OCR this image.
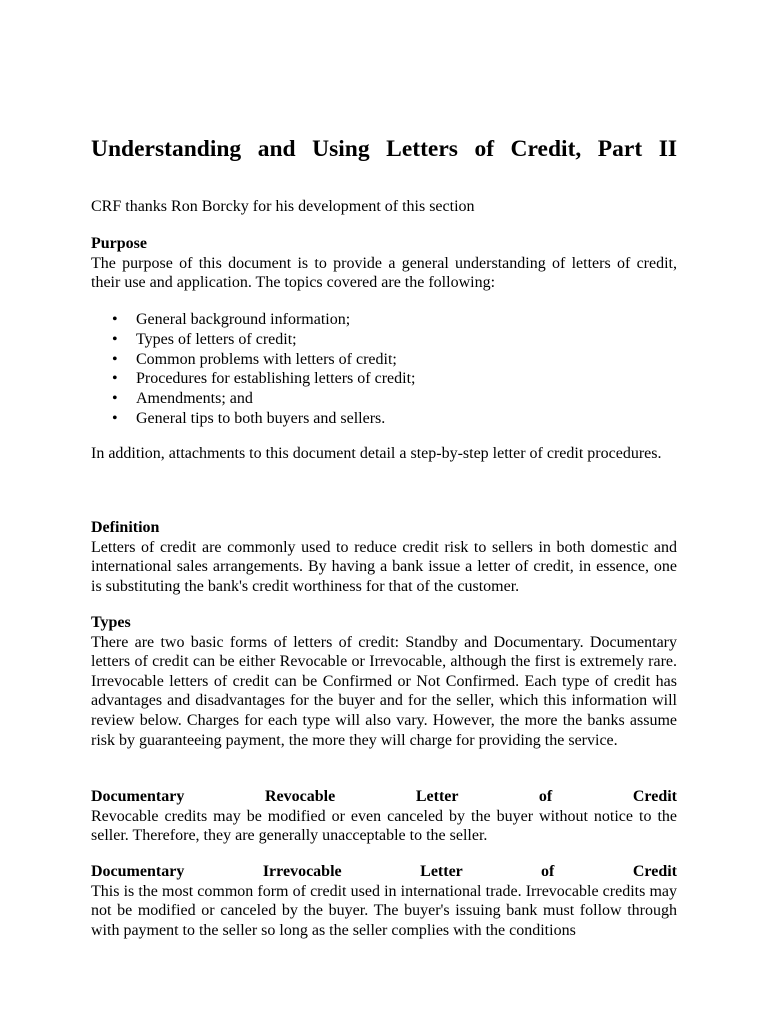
Understanding and Using Letters of Credit, Part II

CRF thanks Ron Borcky for his development of this section

Purpose
The purpose of this document is to provide a general understanding of letters of credit, their use and application. The topics covered are the following:
• General background information;
• Types of letters of credit;
• Common problems with letters of credit;
• Procedures for establishing letters of credit;
• Amendments; and
• General tips to both buyers and sellers.
In addition, attachments to this document detail a step-by-step letter of credit procedures.
Definition
Letters of credit are commonly used to reduce credit risk to sellers in both domestic and international sales arrangements. By having a bank issue a letter of credit, in essence, one is substituting the bank's credit worthiness for that of the customer.
Types
There are two basic forms of letters of credit: Standby and Documentary. Documentary letters of credit can be either Revocable or Irrevocable, although the first is extremely rare. Irrevocable letters of credit can be Confirmed or Not Confirmed. Each type of credit has advantages and disadvantages for the buyer and for the seller, which this information will review below. Charges for each type will also vary. However, the more the banks assume risk by guaranteeing payment, the more they will charge for providing the service.
Documentary Revocable Letter of Credit
Revocable credits may be modified or even canceled by the buyer without notice to the seller. Therefore, they are generally unacceptable to the seller.
Documentary Irrevocable Letter of Credit
This is the most common form of credit used in international trade. Irrevocable credits may not be modified or canceled by the buyer. The buyer's issuing bank must follow through with payment to the seller so long as the seller complies with the conditions
